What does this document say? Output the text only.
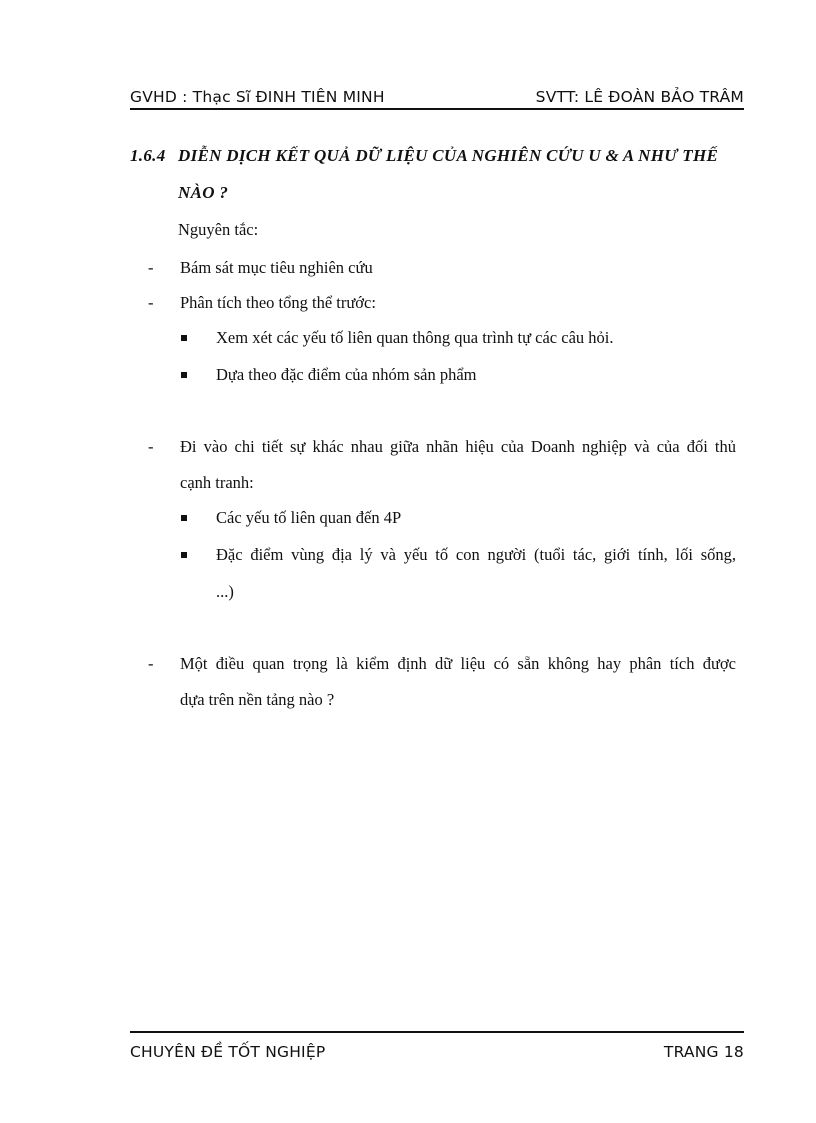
GVHD : Thạc Sĩ ĐINH TIÊN MINH	SVTT: LÊ ĐOÀN BẢO TRÂM
1.6.4 DIỄN DỊCH KẾT QUẢ DỮ LIỆU CỦA NGHIÊN CỨU U & A NHƯ THẾ
NÀO ?
Nguyên tắc:
- Bám sát mục tiêu nghiên cứu
- Phân tích theo tổng thể trước:
Xem xét các yếu tố liên quan thông qua trình tự các câu hỏi.
Dựa theo đặc điểm của nhóm sản phẩm
- Đi vào chi tiết sự khác nhau giữa nhãn hiệu của Doanh nghiệp và của đối thủ
cạnh tranh:
Các yếu tố liên quan đến 4P
Đặc điểm vùng địa lý và yếu tố con người (tuổi tác, giới tính, lối sống,
...)
- Một điều quan trọng là kiểm định dữ liệu có sẵn không hay phân tích được
dựa trên nền tảng nào ?
CHUYÊN ĐỀ TỐT NGHIỆP	TRANG 18
